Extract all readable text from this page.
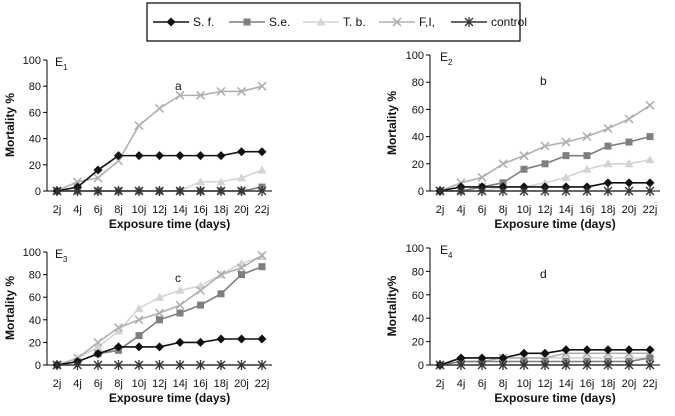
S. f.	S.e.	T. b.	F,I,	control
0
20
40
60
80
100
2j 4j 6j 8j 10j 12j 14j 16j 18j 20j 22j
Exposure time (days)
Mortality %
$E_1$
a
0
20
40
60
80
100
2j 4j 6j 8j 10j 12j 14j 16j 18j 20j 22j
Exposure time (days)
Mortality %
$E_2$
b
0
20
40
60
80
100
2j 4j 6j 8j 10j 12j 14j 16j 18j 20j 22j
Exposure time (days)
Mortality %
$E_3$
c
0
20
40
60
80
100
2j 4j 6j 8j 10j 12j 14j 16j 18j 20j 22j
Exposure time (days)
Mortality%
$E_4$
d
